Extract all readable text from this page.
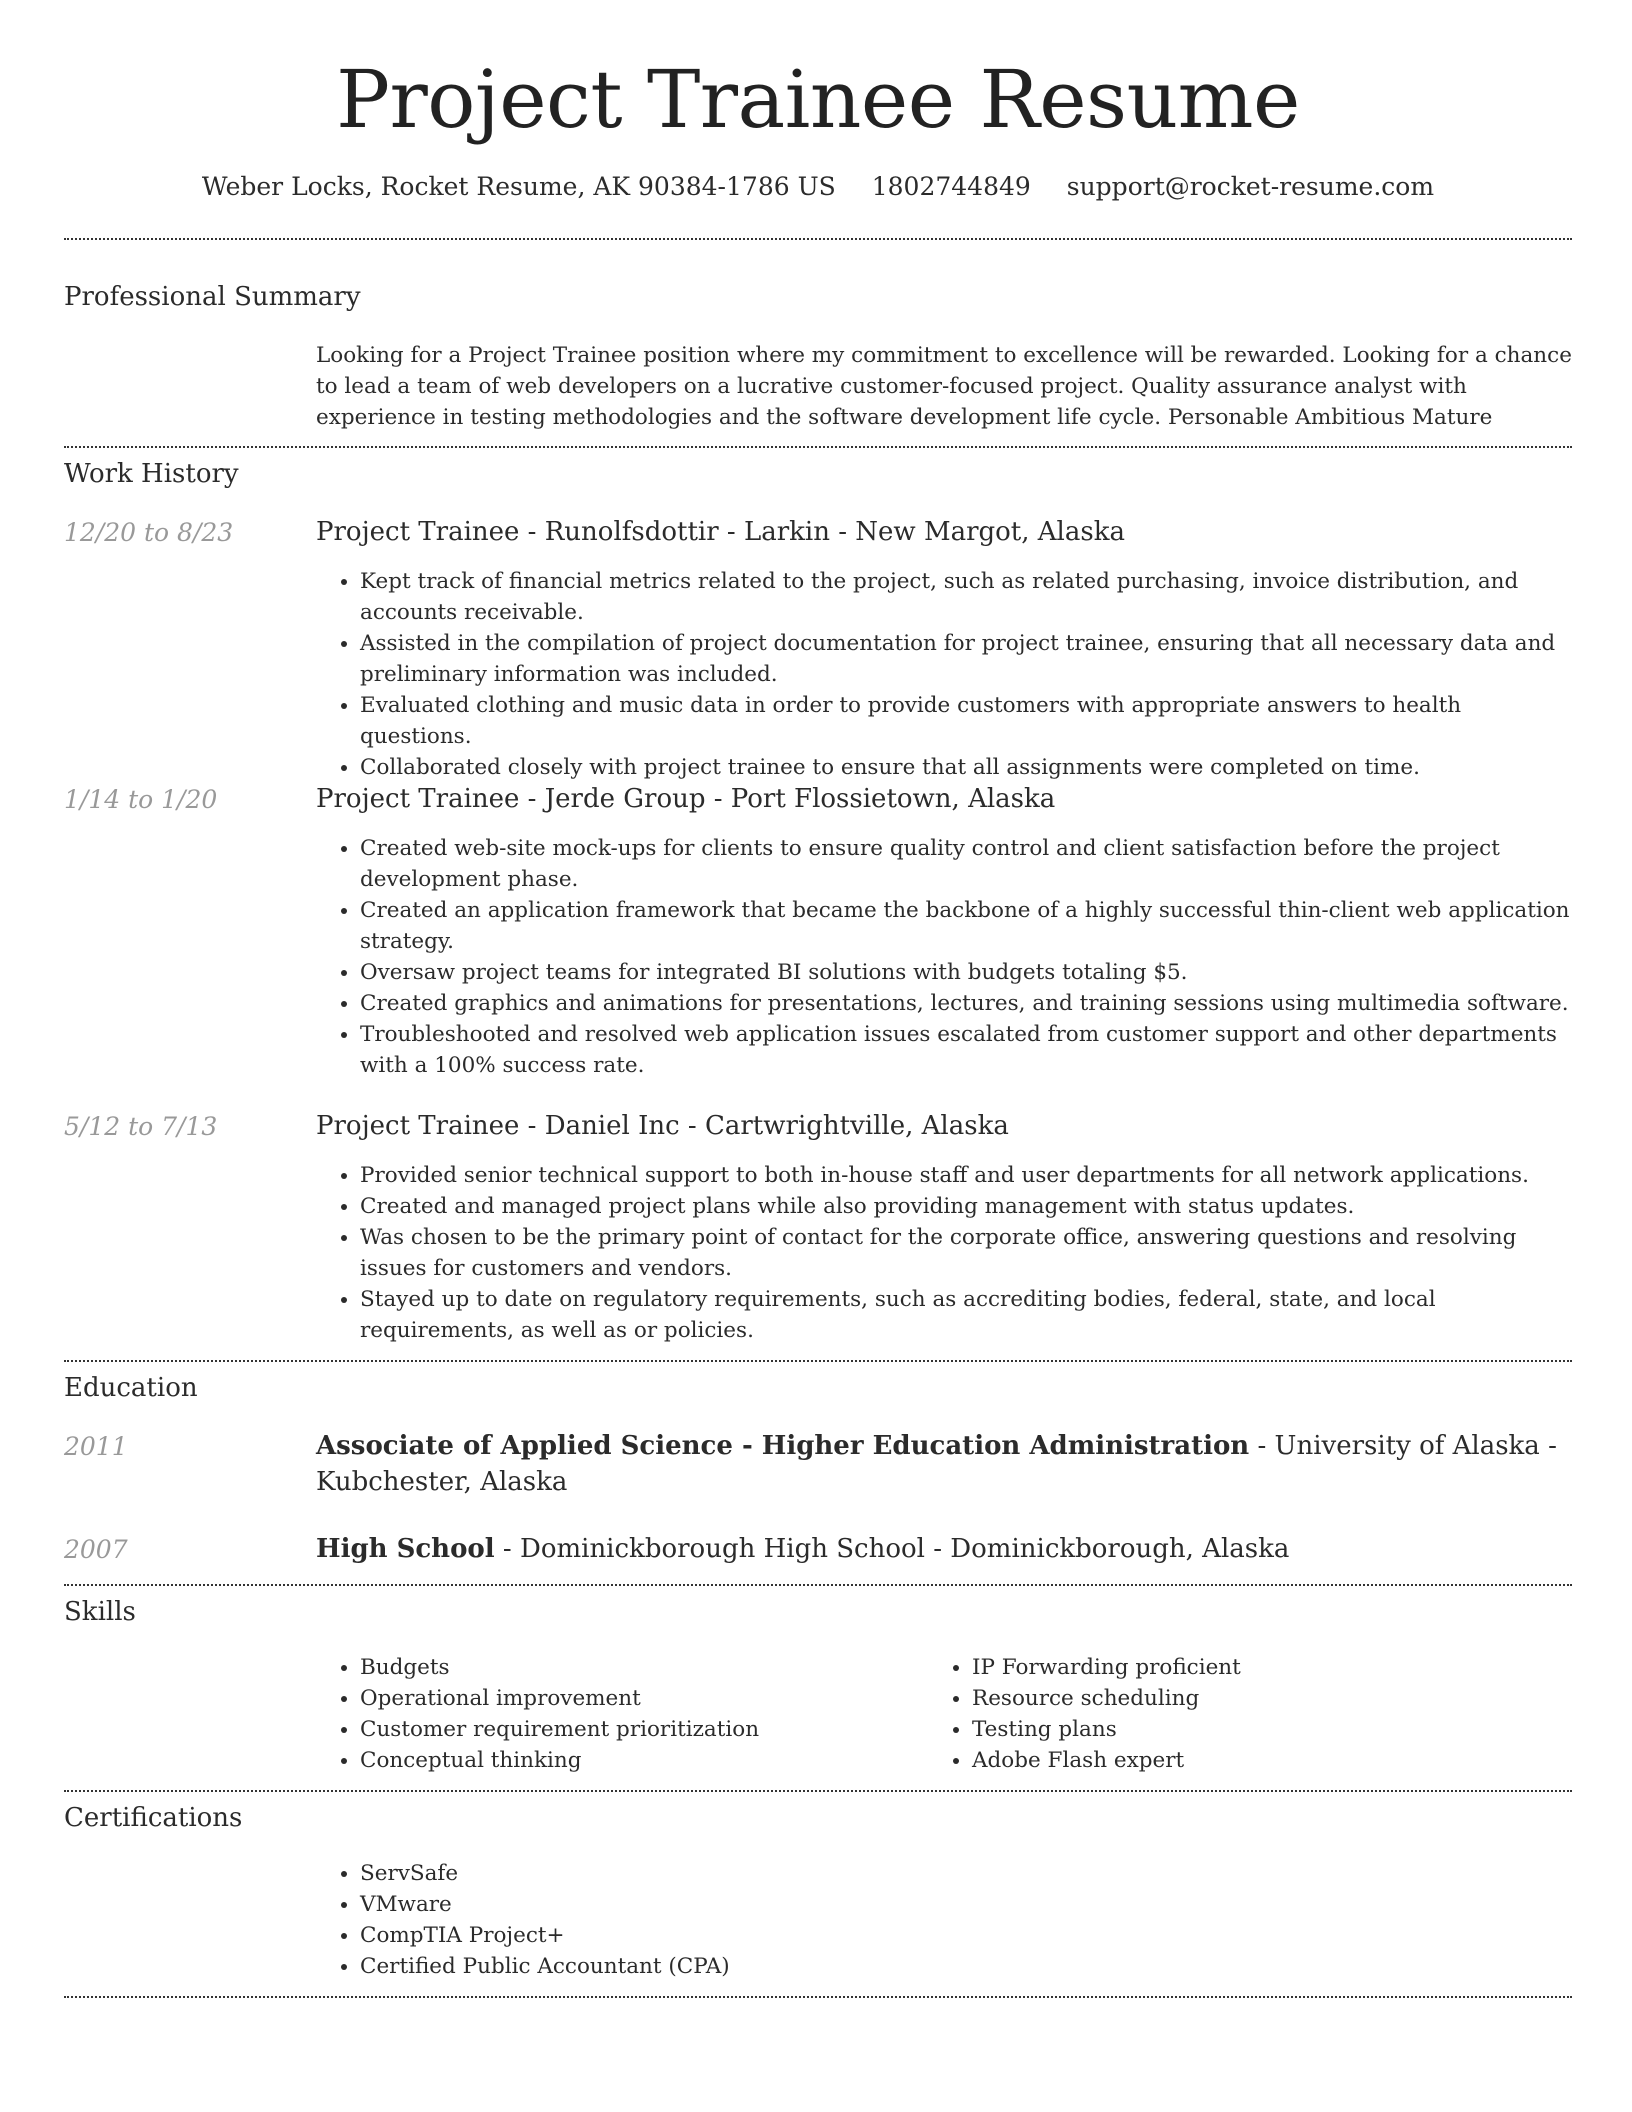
Project Trainee Resume
Weber Locks, Rocket Resume, AK 90384-1786 US 1802744849 support@rocket-resume.com
Professional Summary
Looking for a Project Trainee position where my commitment to excellence will be rewarded. Looking for a chance to lead a team of web developers on a lucrative customer-focused project. Quality assurance analyst with experience in testing methodologies and the software development life cycle. Personable Ambitious Mature
Work History
12/20 to 8/23	Project Trainee - Runolfsdottir - Larkin - New Margot, Alaska
• Kept track of financial metrics related to the project, such as related purchasing, invoice distribution, and accounts receivable.
• Assisted in the compilation of project documentation for project trainee, ensuring that all necessary data and preliminary information was included.
• Evaluated clothing and music data in order to provide customers with appropriate answers to health questions.
• Collaborated closely with project trainee to ensure that all assignments were completed on time.
1/14 to 1/20	Project Trainee - Jerde Group - Port Flossietown, Alaska
• Created web-site mock-ups for clients to ensure quality control and client satisfaction before the project development phase.
• Created an application framework that became the backbone of a highly successful thin-client web application strategy.
• Oversaw project teams for integrated BI solutions with budgets totaling $5.
• Created graphics and animations for presentations, lectures, and training sessions using multimedia software.
• Troubleshooted and resolved web application issues escalated from customer support and other departments with a 100% success rate.
5/12 to 7/13	Project Trainee - Daniel Inc - Cartwrightville, Alaska
• Provided senior technical support to both in-house staff and user departments for all network applications.
• Created and managed project plans while also providing management with status updates.
• Was chosen to be the primary point of contact for the corporate office, answering questions and resolving issues for customers and vendors.
• Stayed up to date on regulatory requirements, such as accrediting bodies, federal, state, and local requirements, as well as or policies.
Education
2011	Associate of Applied Science - Higher Education Administration - University of Alaska - Kubchester, Alaska
2007	High School - Dominickborough High School - Dominickborough, Alaska
Skills
• Budgets
• Operational improvement
• Customer requirement prioritization
• Conceptual thinking
• IP Forwarding proficient
• Resource scheduling
• Testing plans
• Adobe Flash expert
Certifications
• ServSafe
• VMware
• CompTIA Project+
• Certified Public Accountant (CPA)
